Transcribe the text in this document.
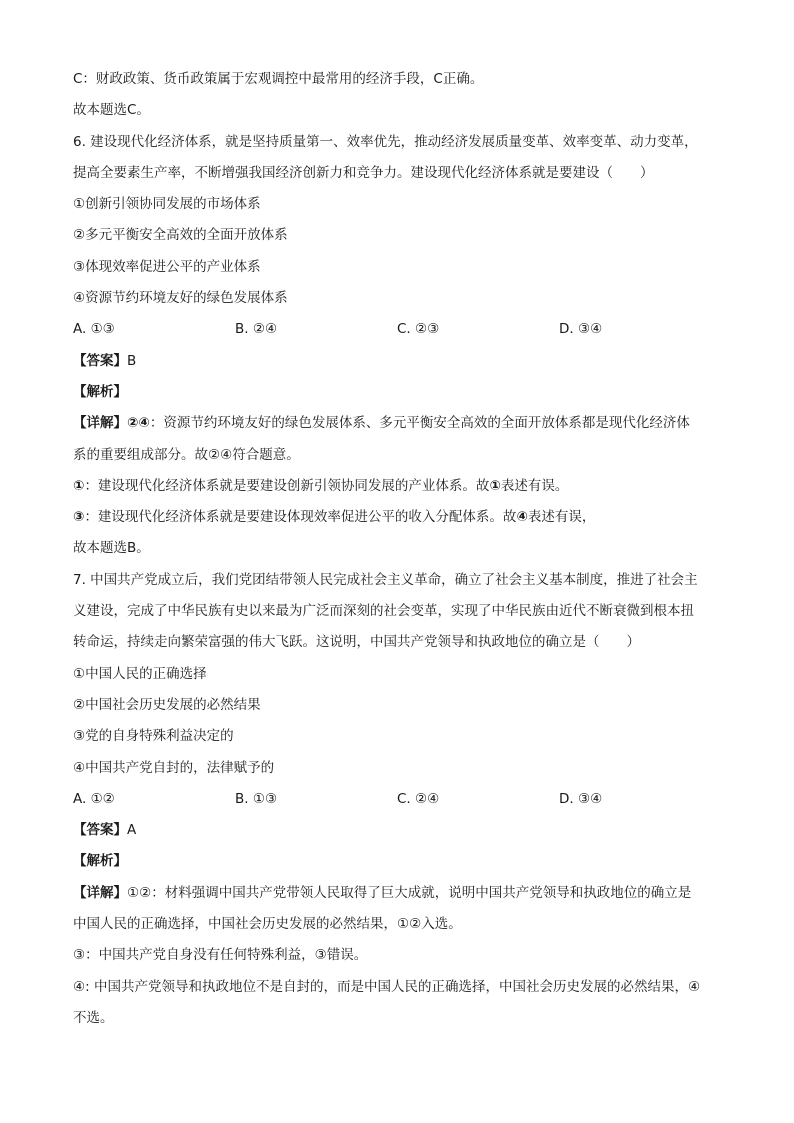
C：财政政策、货币政策属于宏观调控中最常用的经济手段，C正确。
故本题选C。
6. 建设现代化经济体系，就是坚持质量第一、效率优先，推动经济发展质量变革、效率变革、动力变革，
提高全要素生产率，不断增强我国经济创新力和竞争力。建设现代化经济体系就是要建设（　　）
①创新引领协同发展的市场体系
②多元平衡安全高效的全面开放体系
③体现效率促进公平的产业体系
④资源节约环境友好的绿色发展体系
A. ①③	B. ②④	C. ②③	D. ③④
【答案】B
【解析】
【详解】②④：资源节约环境友好的绿色发展体系、多元平衡安全高效的全面开放体系都是现代化经济体
系的重要组成部分。故②④符合题意。
①：建设现代化经济体系就是要建设创新引领协同发展的产业体系。故①表述有误。
③：建设现代化经济体系就是要建设体现效率促进公平的收入分配体系。故④表述有误，
故本题选B。
7. 中国共产党成立后，我们党团结带领人民完成社会主义革命，确立了社会主义基本制度，推进了社会主
义建设，完成了中华民族有史以来最为广泛而深刻的社会变革，实现了中华民族由近代不断衰微到根本扭
转命运，持续走向繁荣富强的伟大飞跃。这说明，中国共产党领导和执政地位的确立是（　　）
①中国人民的正确选择
②中国社会历史发展的必然结果
③党的自身特殊利益决定的
④中国共产党自封的，法律赋予的
A. ①②	B. ①③	C. ②④	D. ③④
【答案】A
【解析】
【详解】①②：材料强调中国共产党带领人民取得了巨大成就，说明中国共产党领导和执政地位的确立是
中国人民的正确选择，中国社会历史发展的必然结果，①②入选。
③：中国共产党自身没有任何特殊利益，③错误。
④: 中国共产党领导和执政地位不是自封的，而是中国人民的正确选择，中国社会历史发展的必然结果，④
不选。
